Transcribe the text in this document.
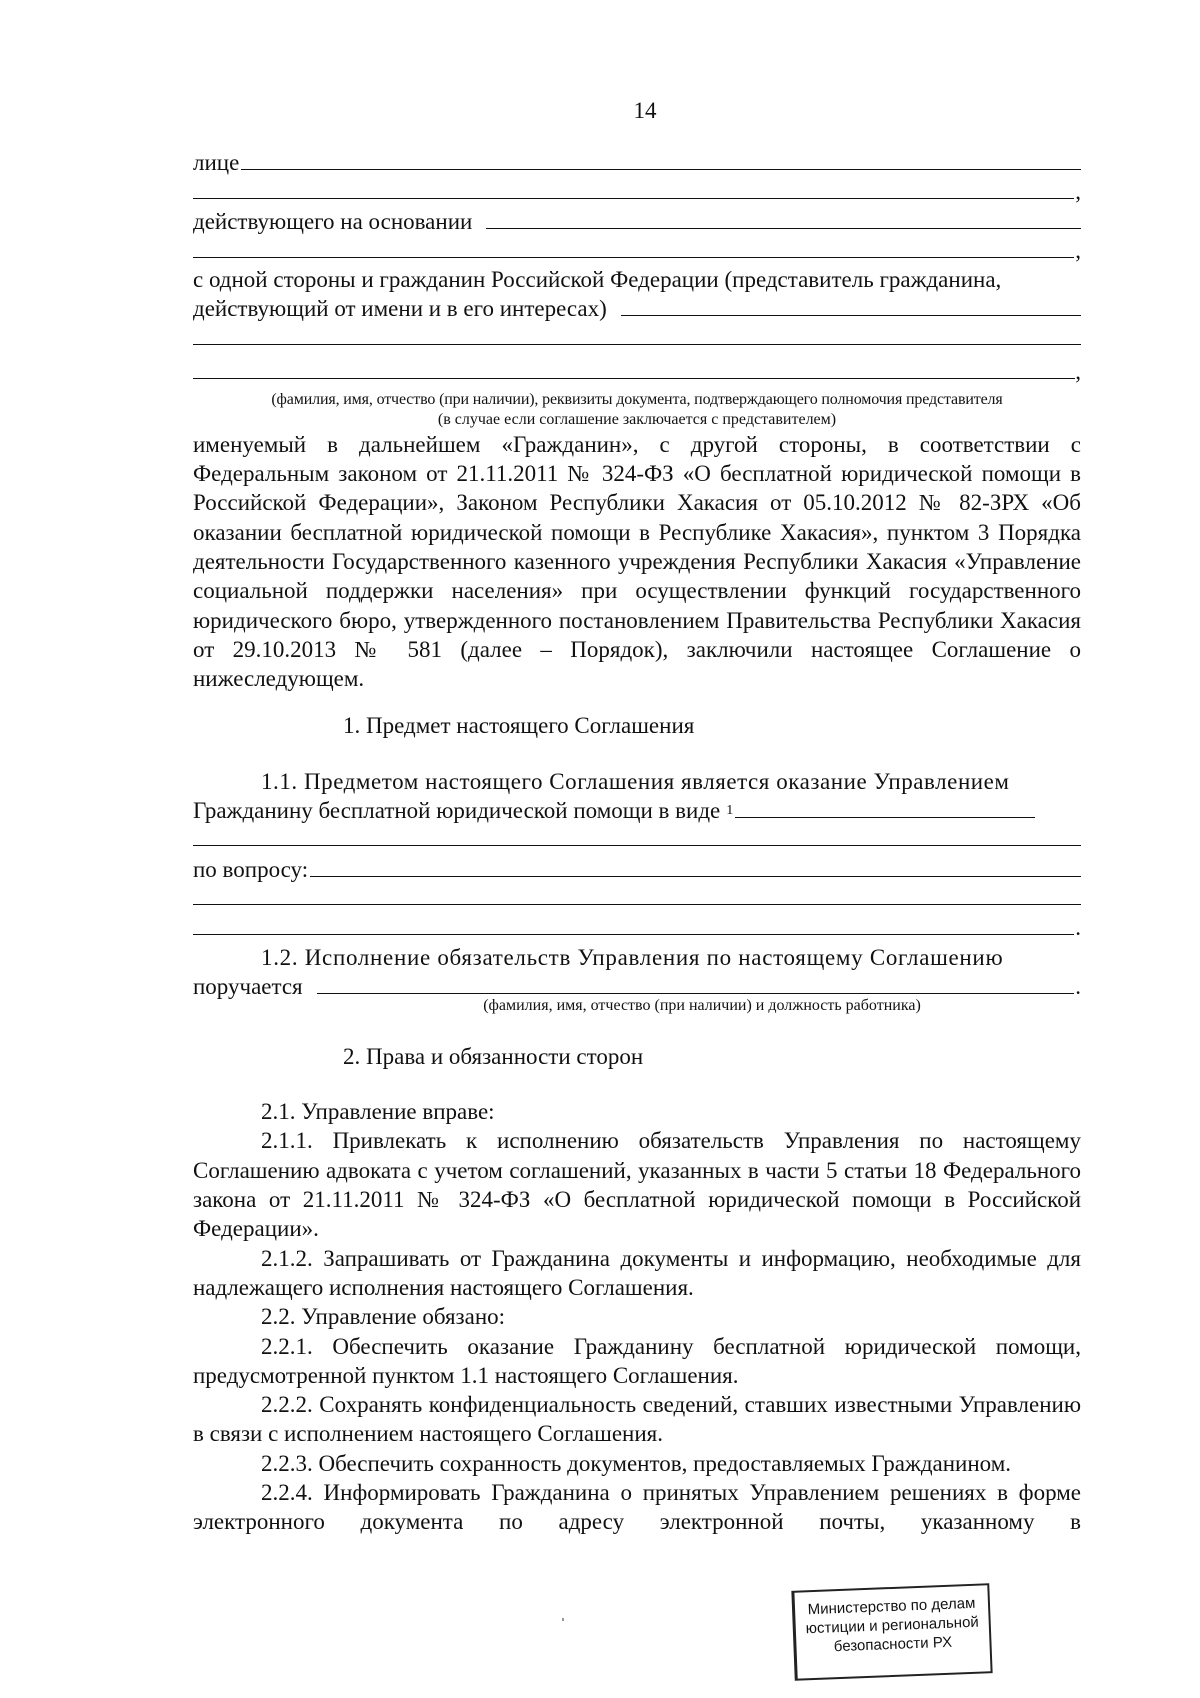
14
лице
,
действующего на основании
,
с одной стороны и гражданин Российской Федерации (представитель гражданина,
действующий от имени и в его интересах)
,
(фамилия, имя, отчество (при наличии), реквизиты документа, подтверждающего полномочия представителя
(в случае если соглашение заключается с представителем)

именуемый в дальнейшем «Гражданин», с другой стороны, в соответствии с Федеральным законом от 21.11.2011 № 324-ФЗ «О бесплатной юридической помощи в Российской Федерации», Законом Республики Хакасия от 05.10.2012 № 82-ЗРХ «Об оказании бесплатной юридической помощи в Республике Хакасия», пунктом 3 Порядка деятельности Государственного казенного учреждения Республики Хакасия «Управление социальной поддержки населения» при осуществлении функций государственного юридического бюро, утвержденного постановлением Правительства Республики Хакасия от 29.10.2013 № 581 (далее – Порядок), заключили настоящее Соглашение о нижеследующем.

1. Предмет настоящего Соглашения

1.1. Предметом настоящего Соглашения является оказание Управлением
Гражданину бесплатной юридической помощи в виде $^1$
по вопросу:
.
1.2. Исполнение обязательств Управления по настоящему Соглашению
поручается	.
(фамилия, имя, отчество (при наличии) и должность работника)

2. Права и обязанности сторон

2.1. Управление вправе:

2.1.1. Привлекать к исполнению обязательств Управления по настоящему Соглашению адвоката с учетом соглашений, указанных в части 5 статьи 18 Федерального закона от 21.11.2011 № 324-ФЗ «О бесплатной юридической помощи в Российской Федерации».

2.1.2. Запрашивать от Гражданина документы и информацию, необходимые для надлежащего исполнения настоящего Соглашения.

2.2. Управление обязано:

2.2.1. Обеспечить оказание Гражданину бесплатной юридической помощи, предусмотренной пунктом 1.1 настоящего Соглашения.

2.2.2. Сохранять конфиденциальность сведений, ставших известными Управлению в связи с исполнением настоящего Соглашения.

2.2.3. Обеспечить сохранность документов, предоставляемых Гражданином.

2.2.4. Информировать Гражданина о принятых Управлением решениях в форме электронного документа по адресу электронной почты, указанному в

Министерство по делам
юстиции и региональной
безопасности РХ
